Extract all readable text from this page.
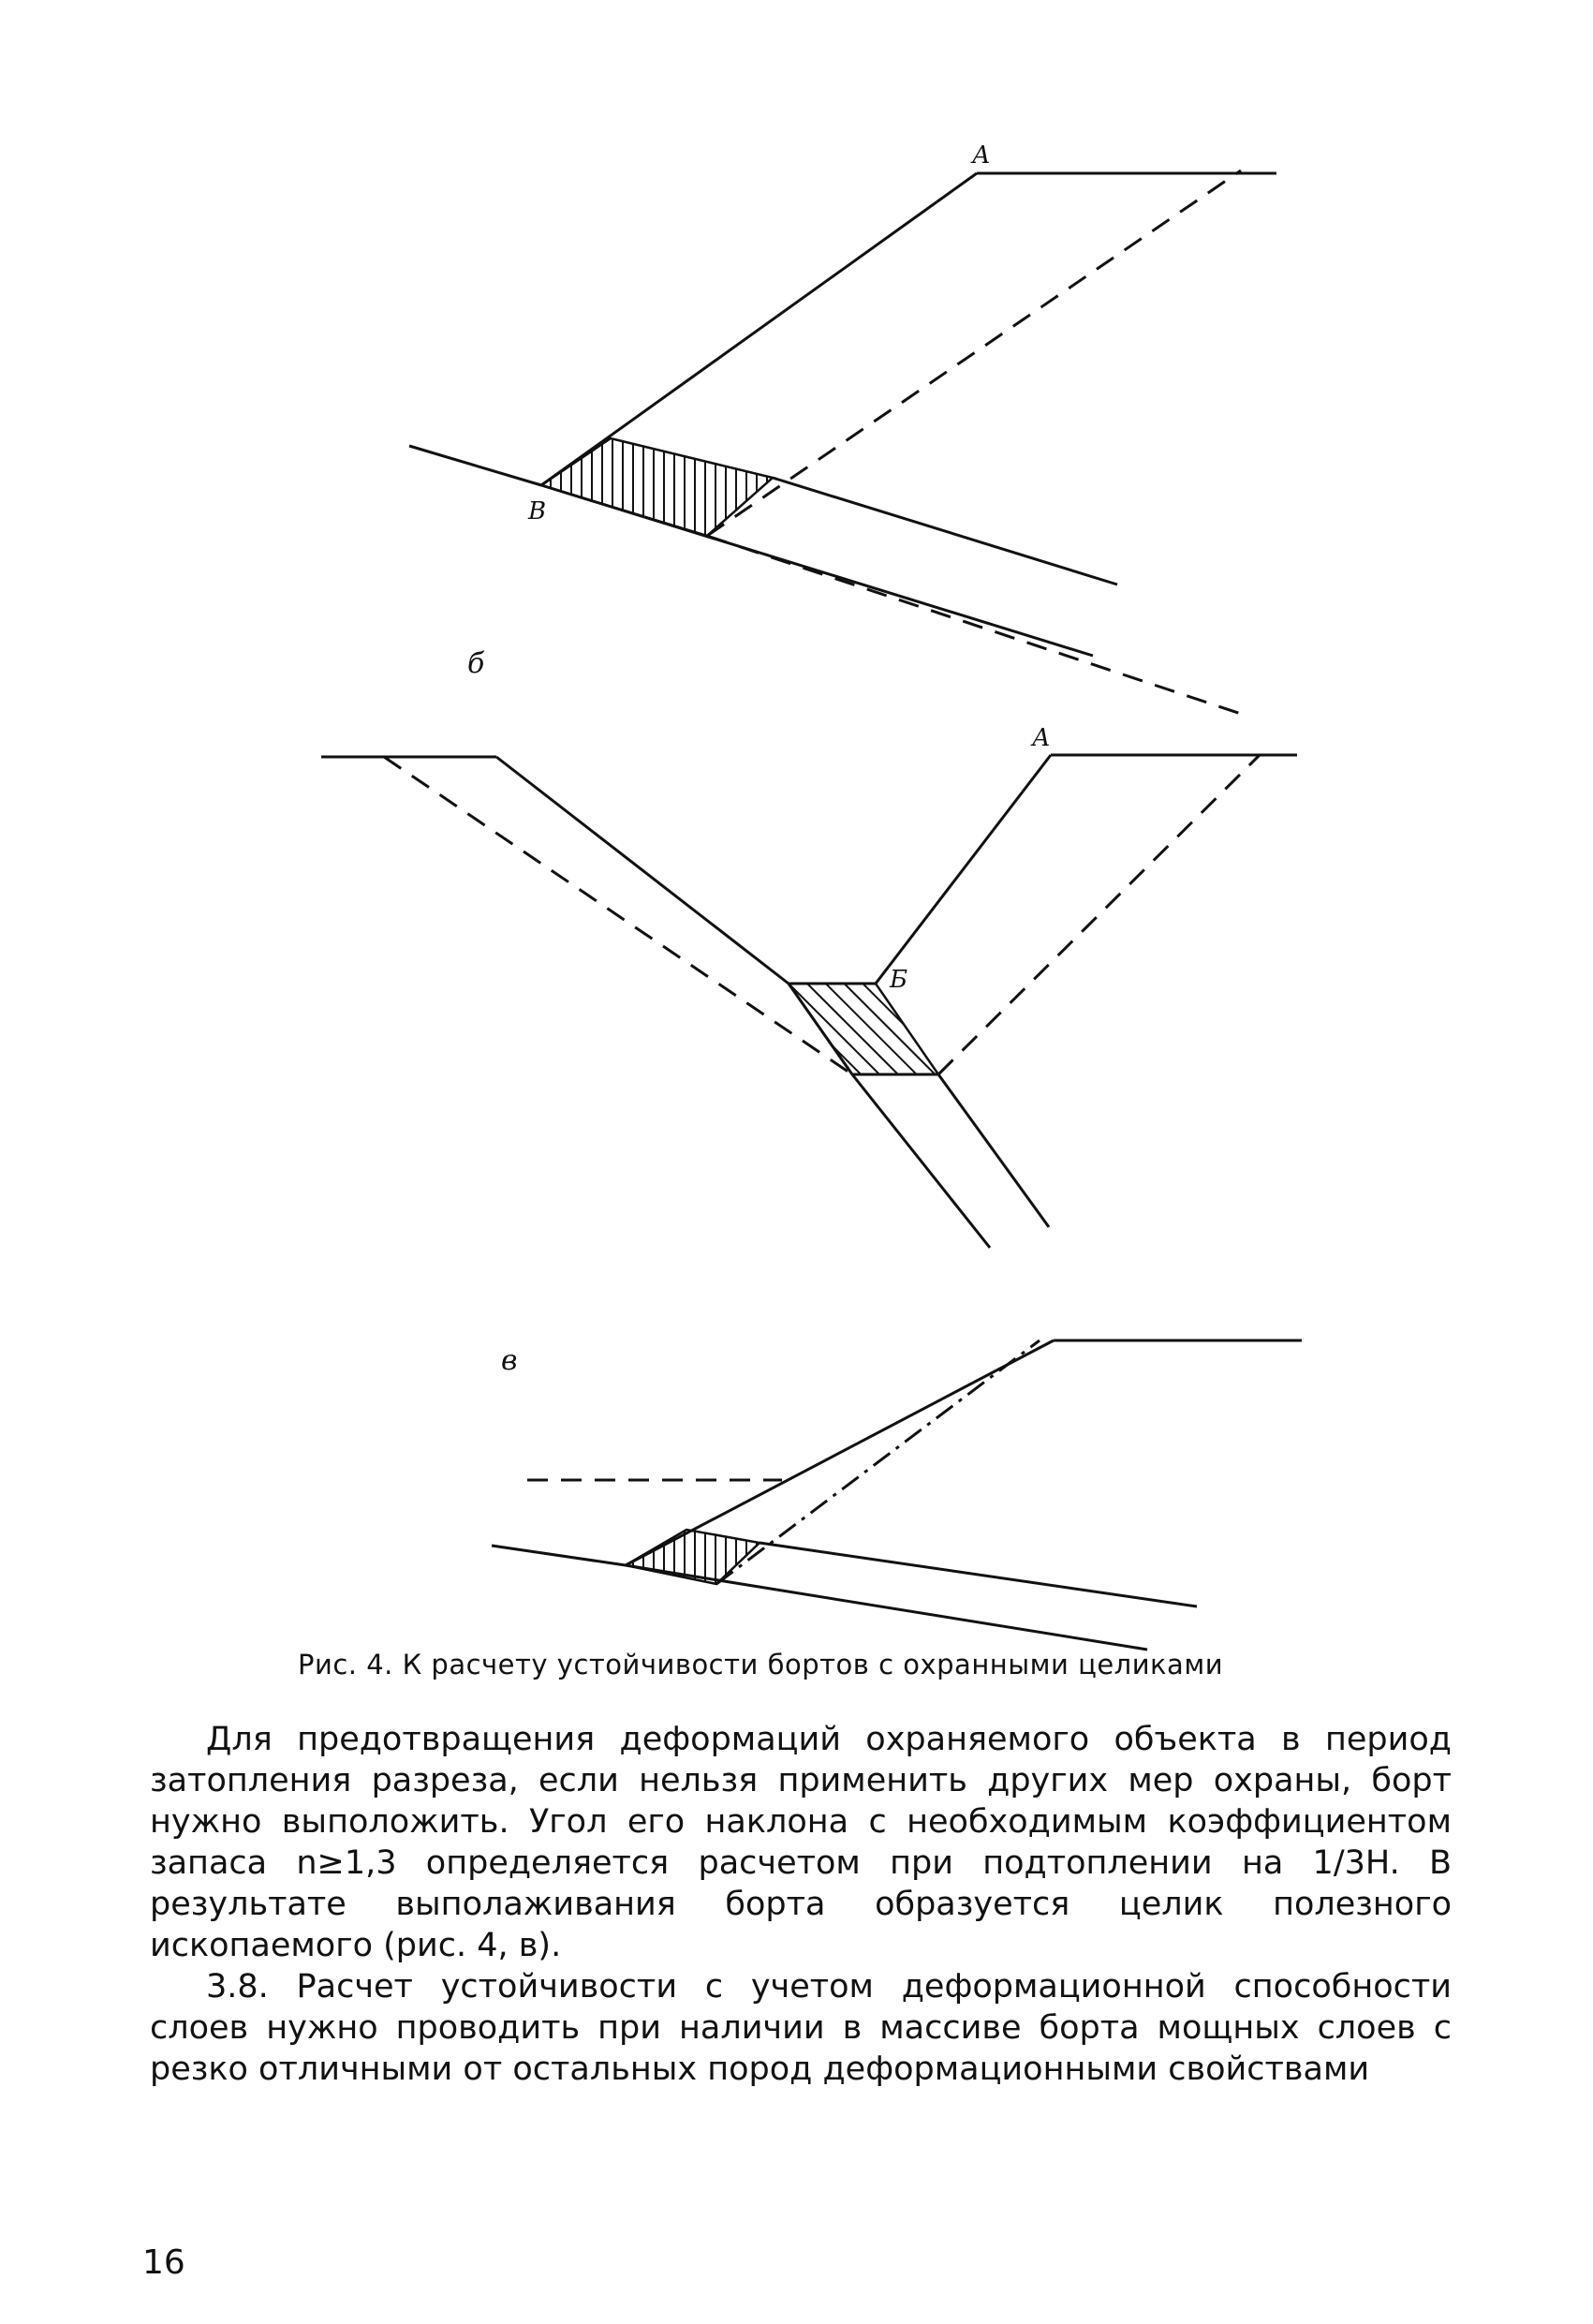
А
В
б
А
Б
в
Рис. 4. К расчету устойчивости бортов с охранными целиками

Для предотвращения деформаций охраняемого объекта в период затопления разреза, если нельзя применить других мер охраны, борт нужно выположить. Угол его наклона с необходимым коэффициентом запаса n≥1,3 определяется расчетом при подтоплении на 1/3H. В результате выполаживания борта образуется целик полезного ископаемого (рис. 4, в).

3.8. Расчет устойчивости с учетом деформационной способности слоев нужно проводить при наличии в массиве борта мощных слоев с резко отличными от остальных пород деформационными свойствами

16
